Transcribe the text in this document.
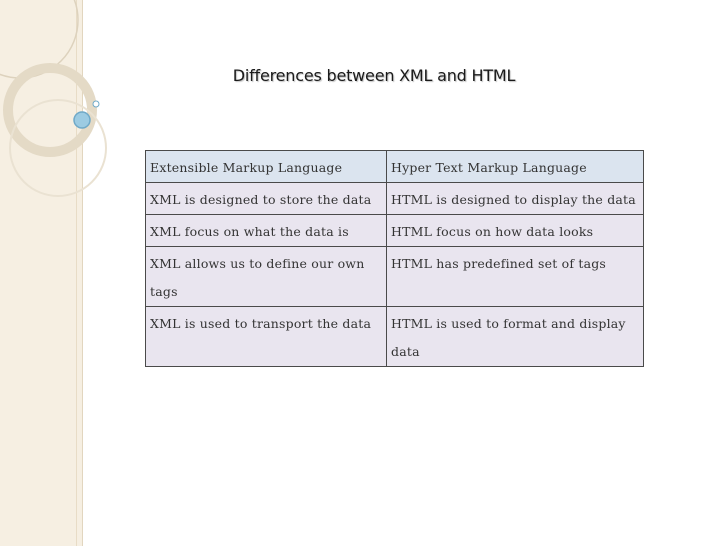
Differences between XML and HTML
Extensible Markup Language	Hyper Text Markup Language
XML is designed to store the data	HTML is designed to display the data
XML focus on what the data is	HTML focus on how data looks
XML allows us to define our own tags	HTML has predefined set of tags
XML is used to transport the data	HTML is used to format and display data
